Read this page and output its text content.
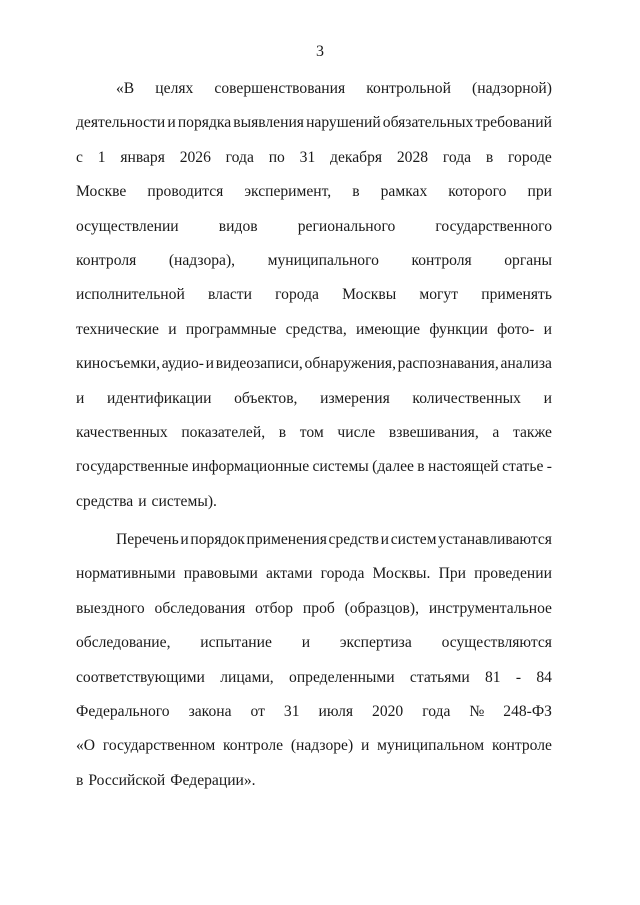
3
«В целях совершенствования контрольной (надзорной)
деятельности и порядка выявления нарушений обязательных требований
с 1 января 2026 года по 31 декабря 2028 года в городе
Москве проводится эксперимент, в рамках которого при
осуществлении	видов	регионального	государственного
контроля (надзора), муниципального контроля органы
исполнительной власти города Москвы могут применять
технические и программные средства, имеющие функции фото- и
киносъемки, аудио- и видеозаписи, обнаружения, распознавания, анализа
и идентификации объектов, измерения количественных и
качественных показателей, в том числе взвешивания, а также
государственные информационные системы (далее в настоящей статье -
средства и системы).
Перечень и порядок применения средств и систем устанавливаются
нормативными правовыми актами города Москвы. При проведении
выездного обследования отбор проб (образцов), инструментальное
обследование, испытание и экспертиза осуществляются
соответствующими лицами, определенными статьями 81 - 84
Федерального закона от 31 июля 2020 года № 248-ФЗ
«О государственном контроле (надзоре) и муниципальном контроле
в Российской Федерации».
